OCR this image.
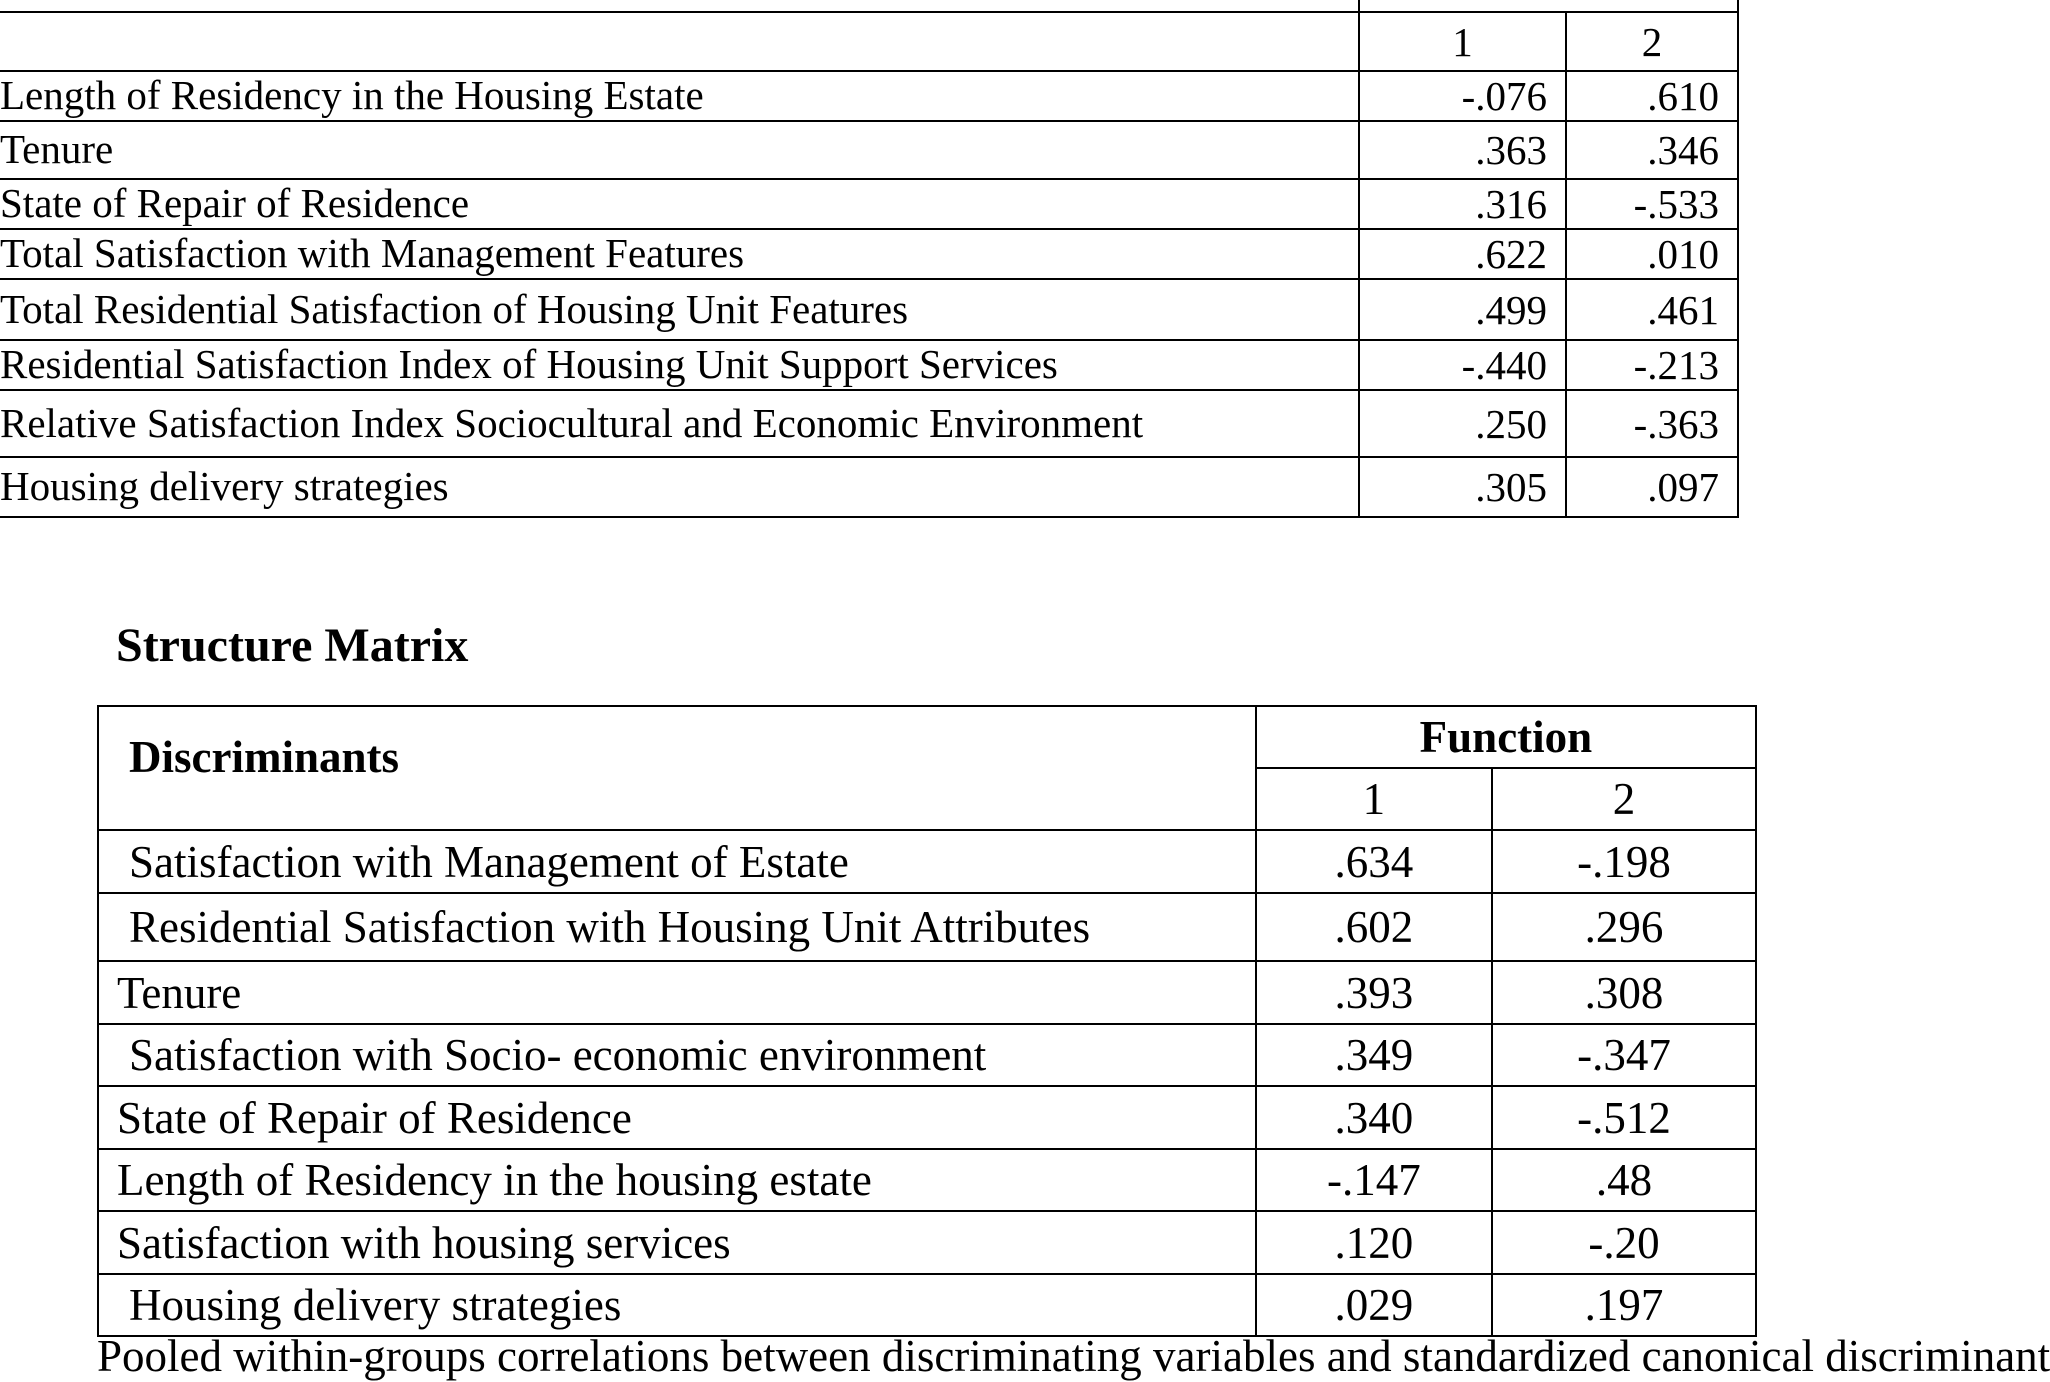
	1	2
Length of Residency in the Housing Estate	-.076	.610
Tenure	.363	.346
State of Repair of Residence	.316	-.533
Total Satisfaction with Management Features	.622	.010
Total Residential Satisfaction of Housing Unit Features	.499	.461
Residential Satisfaction Index of Housing Unit Support Services	-.440	-.213
Relative Satisfaction Index Sociocultural and Economic Environment	.250	-.363
Housing delivery strategies	.305	.097
Structure Matrix
Discriminants	Function	
	1	2
Satisfaction with Management of Estate	.634	-.198
Residential Satisfaction with Housing Unit Attributes	.602	.296
Tenure	.393	.308
Satisfaction with Socio- economic environment	.349	-.347
State of Repair of Residence	.340	-.512
Length of Residency in the housing estate	-.147	.48
Satisfaction with housing services	.120	-.20
Housing delivery strategies	.029	.197

Pooled within-groups correlations between discriminating variables and standardized canonical discriminant
